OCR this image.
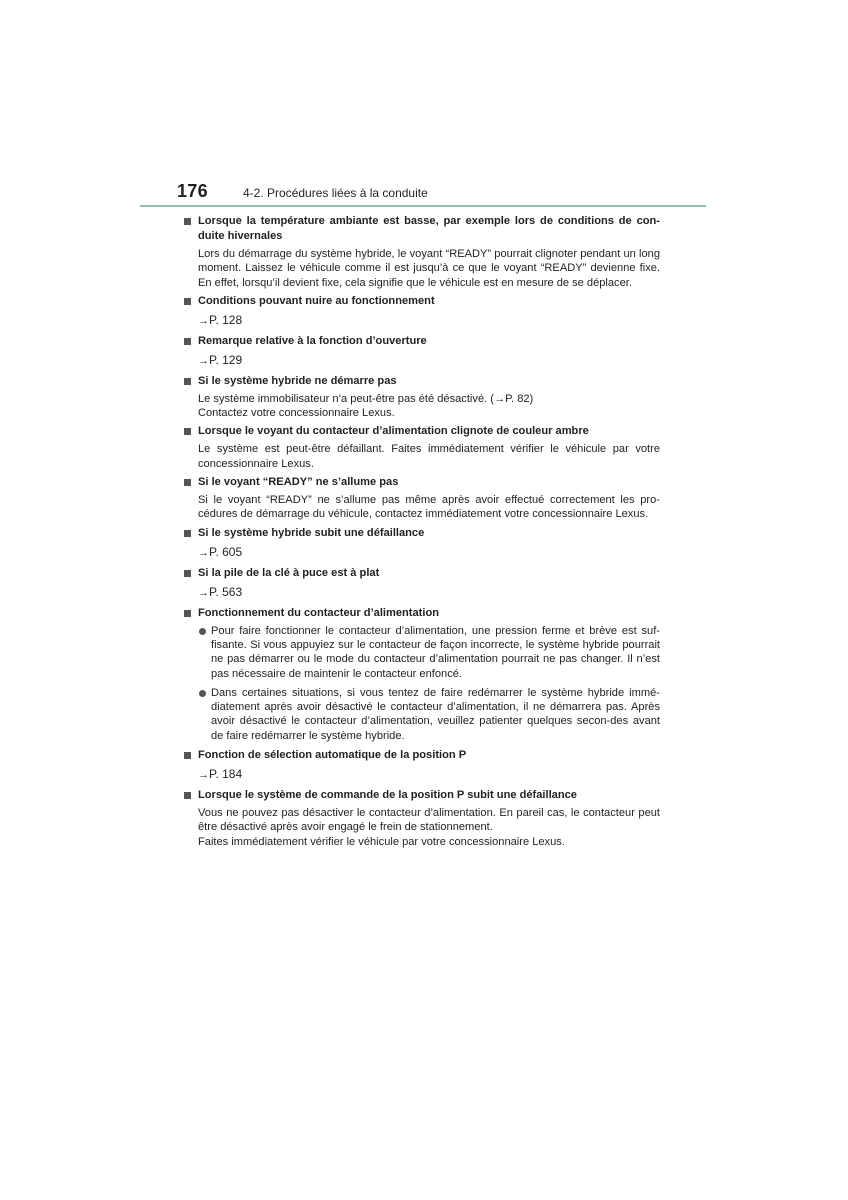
176	4-2. Procédures liées à la conduite
Lorsque la température ambiante est basse, par exemple lors de conditions de con-duite hivernales

Lors du démarrage du système hybride, le voyant “READY” pourrait clignoter pendant un long moment. Laissez le véhicule comme il est jusqu’à ce que le voyant “READY” devienne fixe. En effet, lorsqu’il devient fixe, cela signifie que le véhicule est en mesure de se déplacer.

Conditions pouvant nuire au fonctionnement
→P. 128
Remarque relative à la fonction d’ouverture
→P. 129
Si le système hybride ne démarre pas

Le système immobilisateur n’a peut-être pas été désactivé. (→P. 82)

Contactez votre concessionnaire Lexus.

Lorsque le voyant du contacteur d’alimentation clignote de couleur ambre

Le système est peut-être défaillant. Faites immédiatement vérifier le véhicule par votre concessionnaire Lexus.

Si le voyant “READY” ne s’allume pas

Si le voyant “READY” ne s’allume pas même après avoir effectué correctement les pro-cédures de démarrage du véhicule, contactez immédiatement votre concessionnaire Lexus.

Si le système hybride subit une défaillance
→P. 605
Si la pile de la clé à puce est à plat
→P. 563
Fonctionnement du contacteur d’alimentation
Pour faire fonctionner le contacteur d’alimentation, une pression ferme et brève est suf-fisante. Si vous appuyiez sur le contacteur de façon incorrecte, le système hybride pourrait ne pas démarrer ou le mode du contacteur d’alimentation pourrait ne pas changer. Il n’est pas nécessaire de maintenir le contacteur enfoncé.
Dans certaines situations, si vous tentez de faire redémarrer le système hybride immé-diatement après avoir désactivé le contacteur d’alimentation, il ne démarrera pas. Après avoir désactivé le contacteur d’alimentation, veuillez patienter quelques secon-des avant de faire redémarrer le système hybride.
Fonction de sélection automatique de la position P
→P. 184
Lorsque le système de commande de la position P subit une défaillance

Vous ne pouvez pas désactiver le contacteur d’alimentation. En pareil cas, le contacteur peut être désactivé après avoir engagé le frein de stationnement.

Faites immédiatement vérifier le véhicule par votre concessionnaire Lexus.
